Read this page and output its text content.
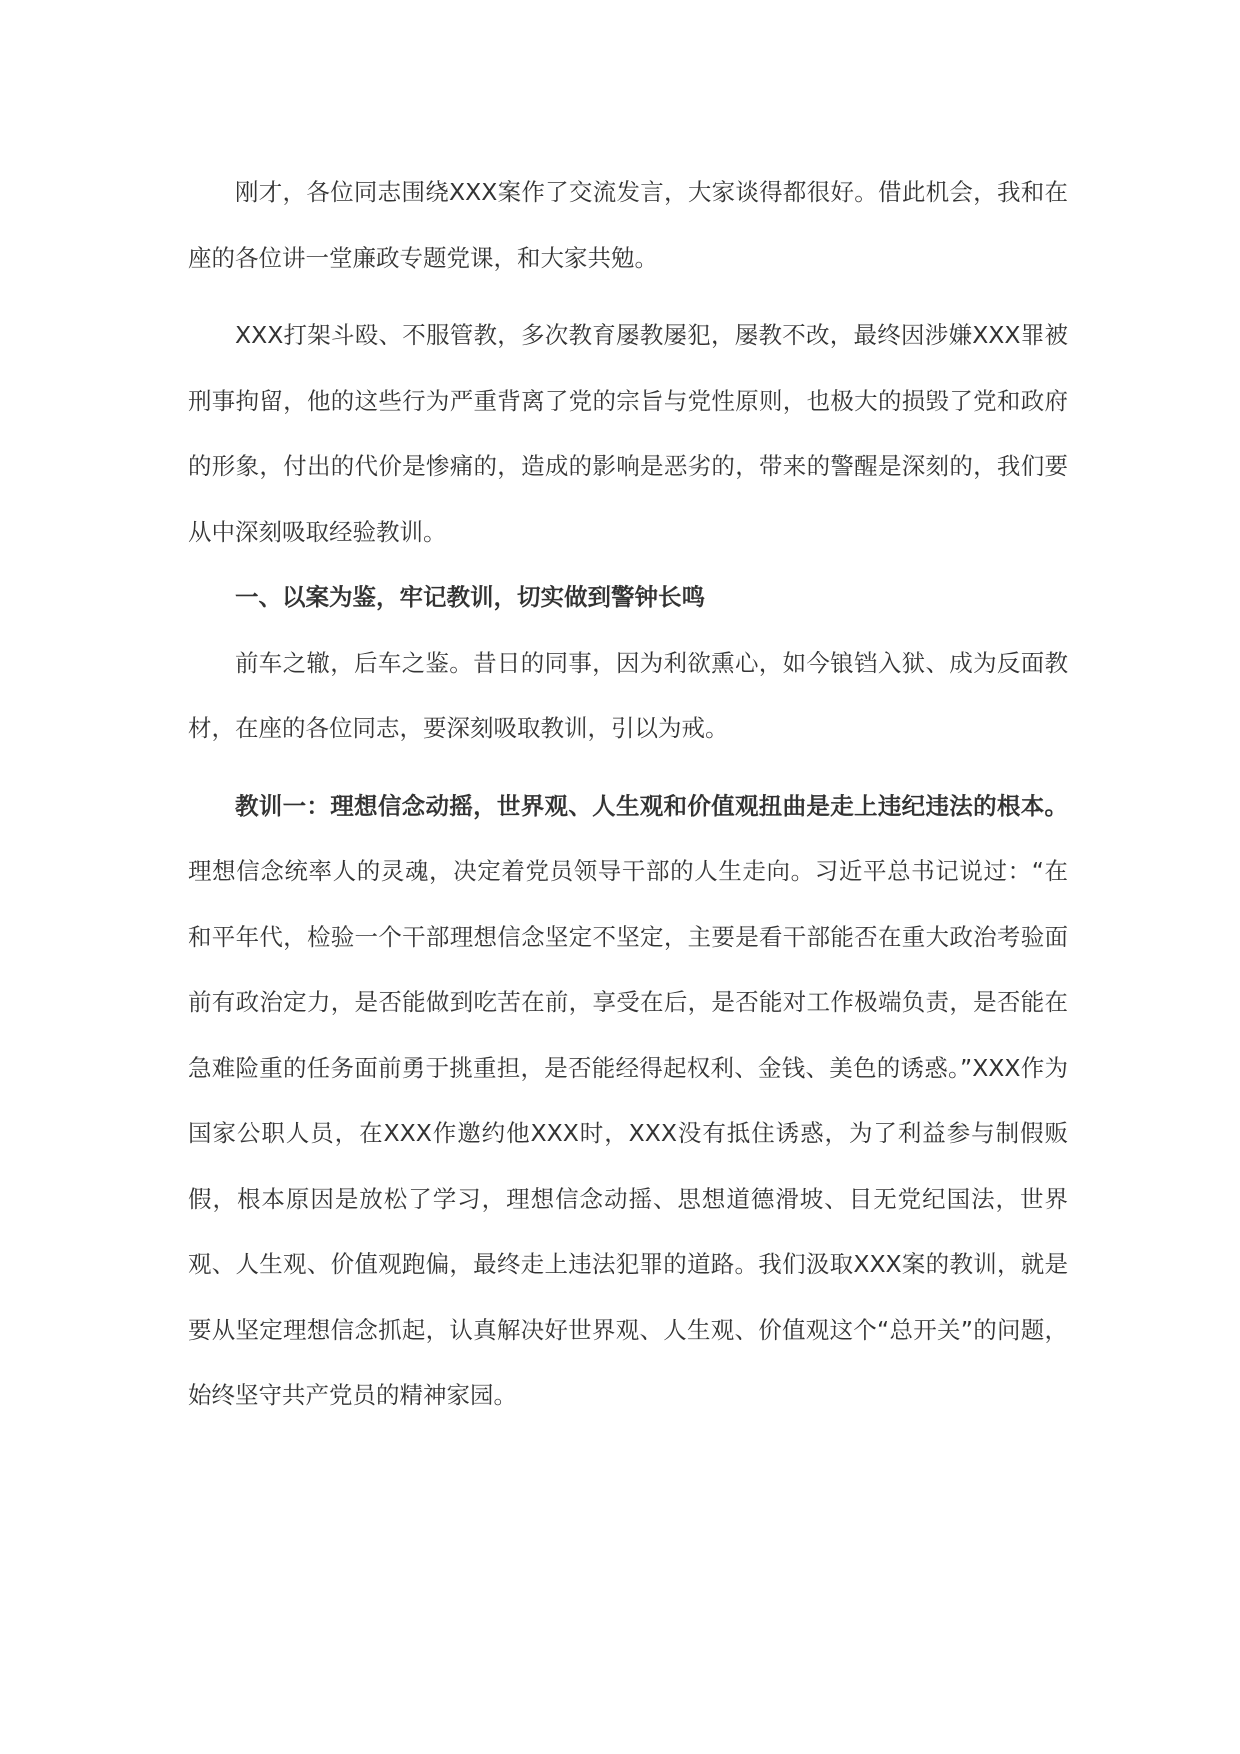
刚才，各位同志围绕XXX案作了交流发言，大家谈得都很好。借此机会，我和在座的各位讲一堂廉政专题党课，和大家共勉。

XXX打架斗殴、不服管教，多次教育屡教屡犯，屡教不改，最终因涉嫌XXX罪被刑事拘留，他的这些行为严重背离了党的宗旨与党性原则，也极大的损毁了党和政府的形象，付出的代价是惨痛的，造成的影响是恶劣的，带来的警醒是深刻的，我们要从中深刻吸取经验教训。

一、以案为鉴，牢记教训，切实做到警钟长鸣

前车之辙，后车之鉴。昔日的同事，因为利欲熏心，如今锒铛入狱、成为反面教材，在座的各位同志，要深刻吸取教训，引以为戒。

教训一：理想信念动摇，世界观、人生观和价值观扭曲是走上违纪违法的根本。理想信念统率人的灵魂，决定着党员领导干部的人生走向。习近平总书记说过：“在和平年代，检验一个干部理想信念坚定不坚定，主要是看干部能否在重大政治考验面前有政治定力，是否能做到吃苦在前，享受在后，是否能对工作极端负责，是否能在急难险重的任务面前勇于挑重担，是否能经得起权利、金钱、美色的诱惑。”XXX作为国家公职人员，在XXX作邀约他XXX时，XXX没有抵住诱惑，为了利益参与制假贩假，根本原因是放松了学习，理想信念动摇、思想道德滑坡、目无党纪国法，世界观、人生观、价值观跑偏，最终走上违法犯罪的道路。我们汲取XXX案的教训，就是要从坚定理想信念抓起，认真解决好世界观、人生观、价值观这个“总开关”的问题，始终坚守共产党员的精神家园。
